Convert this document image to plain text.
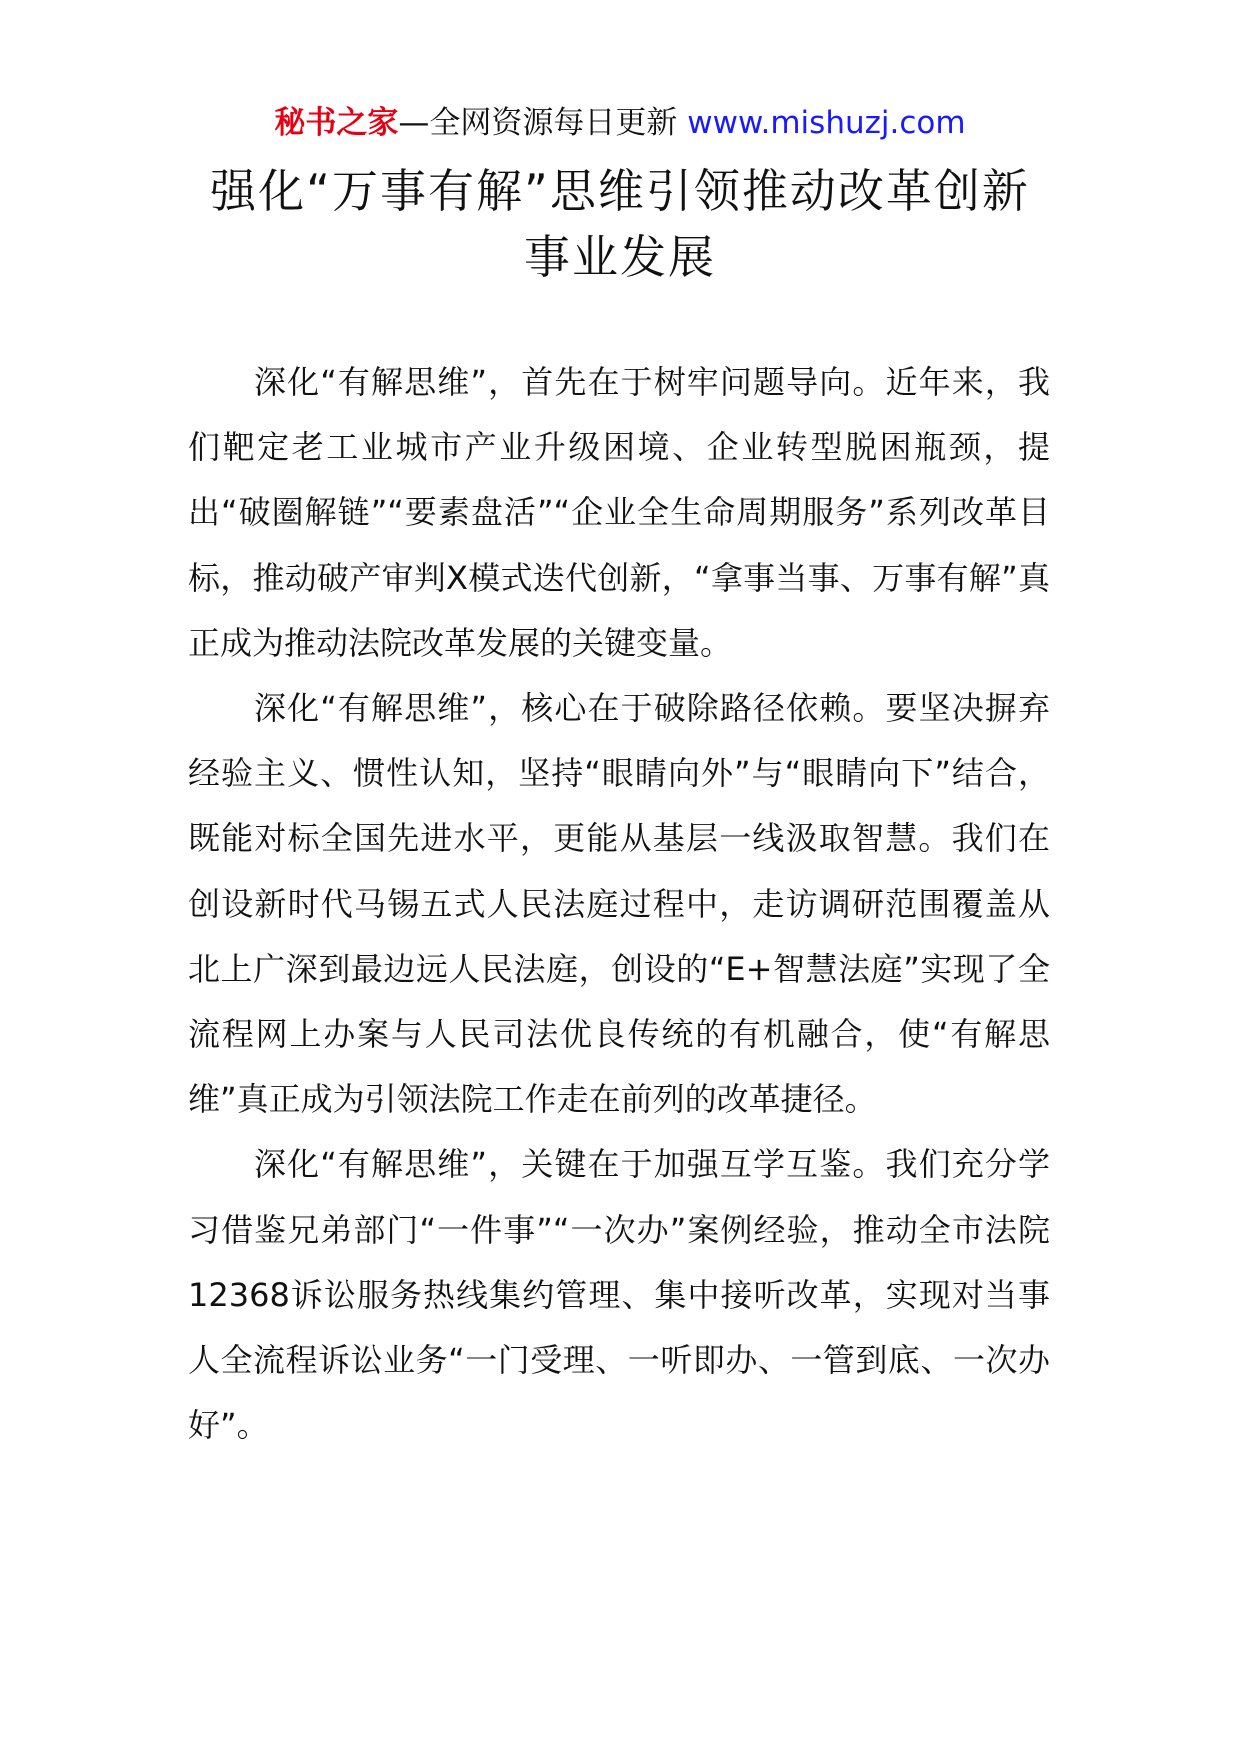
秘书之家—全网资源每日更新 www.mishuzj.com
强化“万事有解”思维引领推动改革创新
事业发展

深化“有解思维”，首先在于树牢问题导向。近年来，我们靶定老工业城市产业升级困境、企业转型脱困瓶颈，提出“破圈解链”“要素盘活”“企业全生命周期服务”系列改革目标，推动破产审判X模式迭代创新，“拿事当事、万事有解”真正成为推动法院改革发展的关键变量。

深化“有解思维”，核心在于破除路径依赖。要坚决摒弃经验主义、惯性认知，坚持“眼睛向外”与“眼睛向下”结合，既能对标全国先进水平，更能从基层一线汲取智慧。我们在创设新时代马锡五式人民法庭过程中，走访调研范围覆盖从北上广深到最边远人民法庭，创设的“E+智慧法庭”实现了全流程网上办案与人民司法优良传统的有机融合，使“有解思维”真正成为引领法院工作走在前列的改革捷径。

深化“有解思维”，关键在于加强互学互鉴。我们充分学习借鉴兄弟部门“一件事”“一次办”案例经验，推动全市法院12368诉讼服务热线集约管理、集中接听改革，实现对当事人全流程诉讼业务“一门受理、一听即办、一管到底、一次办好”。
